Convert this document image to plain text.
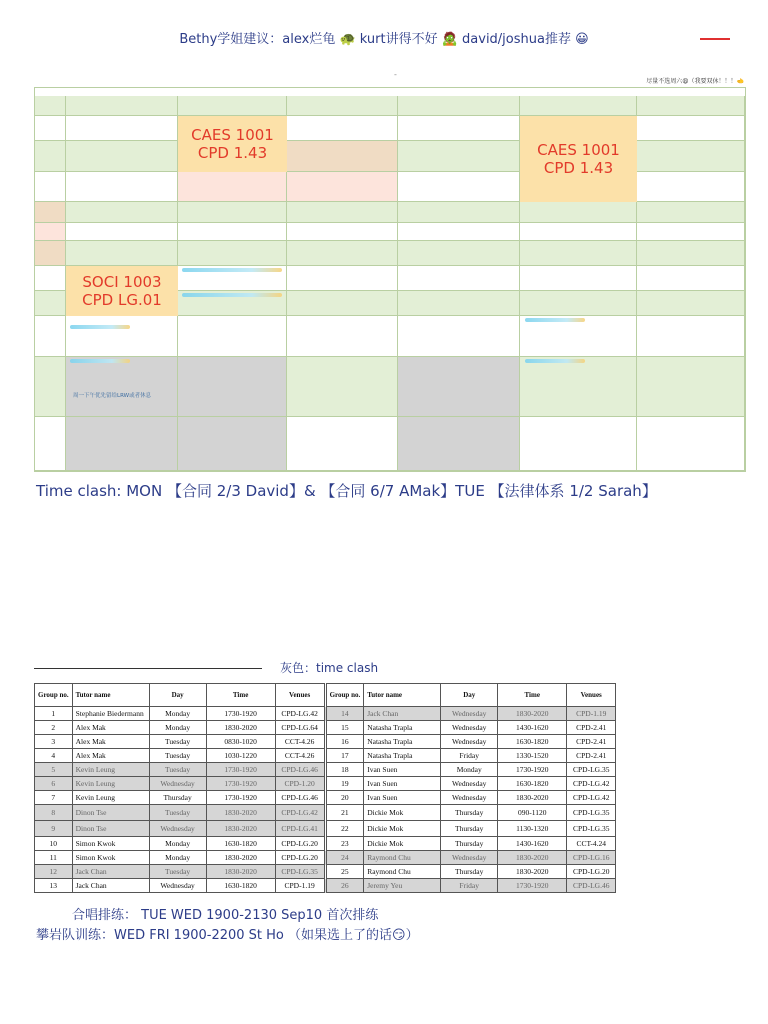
Bethy学姐建议：alex烂龟 🐢 kurt讲得不好 🧟 david/joshua推荐 😀
-
尽量不选周六😩（我要双休！！！🫲
CAES 1001
CPD 1.43	CAES 1001
CPD 1.43
SOCI 1003
CPD LG.01
周一下午优先留给LRW或者休息
Time clash: MON 【合同 2/3 David】& 【合同 6/7 AMak】TUE 【法律体系 1/2 Sarah】
灰色：time clash
Group no.	Tutor name	Day	Time	Venues	Group no.	Tutor name	Day	Time	Venues
1	Stephanie Biedermann	Monday	1730-1920	CPD-LG.42	14	Jack Chan	Wednesday	1830-2020	CPD-1.19
2	Alex Mak	Monday	1830-2020	CPD-LG.64	15	Natasha Trapla	Wednesday	1430-1620	CPD-2.41
3	Alex Mak	Tuesday	0830-1020	CCT-4.26	16	Natasha Trapla	Wednesday	1630-1820	CPD-2.41
4	Alex Mak	Tuesday	1030-1220	CCT-4.26	17	Natasha Trapla	Friday	1330-1520	CPD-2.41
5	Kevin Leung	Tuesday	1730-1920	CPD-LG.46	18	Ivan Suen	Monday	1730-1920	CPD-LG.35
6	Kevin Leung	Wednesday	1730-1920	CPD-1.20	19	Ivan Suen	Wednesday	1630-1820	CPD-LG.42
7	Kevin Leung	Thursday	1730-1920	CPD-LG.46	20	Ivan Suen	Wednesday	1830-2020	CPD-LG.42
8	Dinon Tse	Tuesday	1830-2020	CPD-LG.42	21	Dickie Mok	Thursday	090-1120	CPD-LG.35
9	Dinon Tse	Wednesday	1830-2020	CPD-LG.41	22	Dickie Mok	Thursday	1130-1320	CPD-LG.35
10	Simon Kwok	Monday	1630-1820	CPD-LG.20	23	Dickie Mok	Thursday	1430-1620	CCT-4.24
11	Simon Kwok	Monday	1830-2020	CPD-LG.20	24	Raymond Chu	Wednesday	1830-2020	CPD-LG.16
12	Jack Chan	Tuesday	1830-2020	CPD-LG.35	25	Raymond Chu	Thursday	1830-2020	CPD-LG.20
13	Jack Chan	Wednesday	1630-1820	CPD-1.19	26	Jeremy Yeu	Friday	1730-1920	CPD-LG.46
合唱排练： TUE WED 1900-2130 Sep10 首次排练
攀岩队训练：WED FRI 1900-2200 St Ho （如果选上了的话😏）
